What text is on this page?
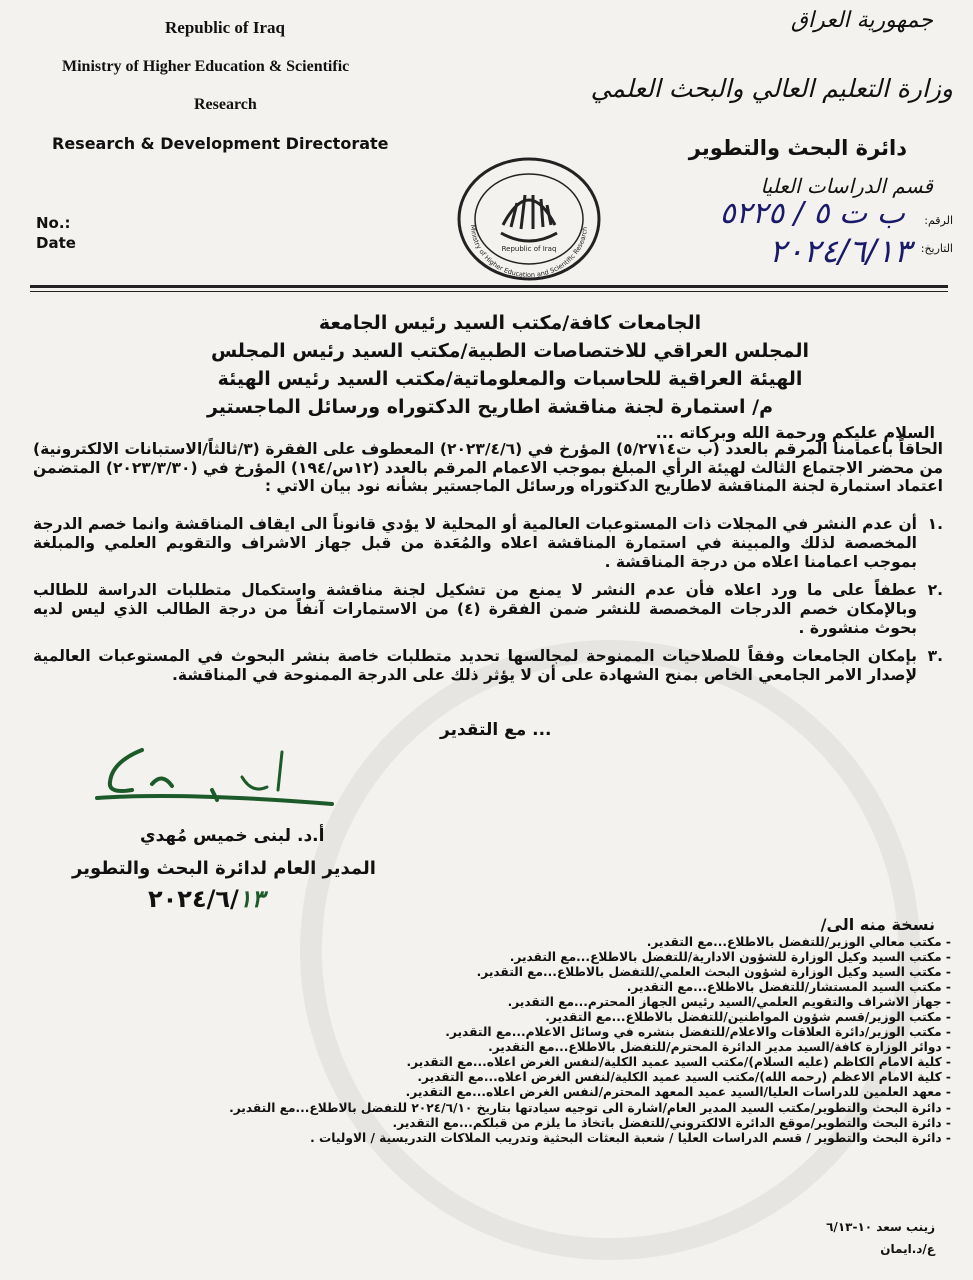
Republic of Iraq
Ministry of Higher Education & Scientific
Research
Research & Development Directorate
No.:
Date
جمهورية العراق
وزارة التعليم العالي والبحث العلمي
دائرة البحث والتطوير
قسم الدراسات العليا
الرقم:
التاريخ:
ب ت ٥ / ٥٢٢٥
٢٠٢٤/٦/١٣
Republic of Iraq
Ministry of Higher Education and Scientific Research
الجامعات كافة/مكتب السيد رئيس الجامعة
المجلس العراقي للاختصاصات الطبية/مكتب السيد رئيس المجلس
الهيئة العراقية للحاسبات والمعلوماتية/مكتب السيد رئيس الهيئة
م/ استمارة لجنة مناقشة اطاريح الدكتوراه ورسائل الماجستير
السلام عليكم ورحمة الله وبركاته ...
الحاقاً باعمامنا المرقم بالعدد (ب ت٥/٢٧١٤) المؤرخ في (٢٠٢٣/٤/٦) المعطوف على الفقرة (٣/ثالثاً/الاستبانات الالكترونية) من محضر الاجتماع الثالث لهيئة الرأي المبلغ بموجب الاعمام المرقم بالعدد (١٢س/١٩٤) المؤرخ في (٢٠٢٣/٣/٣٠) المتضمن اعتماد استمارة لجنة المناقشة لاطاريح الدكتوراه ورسائل الماجستير بشأنه نود بيان الاتي :
.١
أن عدم النشر في المجلات ذات المستوعبات العالمية أو المحلية لا يؤدي قانوناً الى ايقاف المناقشة وانما خصم الدرجة المخصصة لذلك والمبينة في استمارة المناقشة اعلاه والمُعَدة من قبل جهاز الاشراف والتقويم العلمي والمبلغة بموجب اعمامنا اعلاه من درجة المناقشة .
.٢
عطفاً على ما ورد اعلاه فأن عدم النشر لا يمنع من تشكيل لجنة مناقشة واستكمال متطلبات الدراسة للطالب وبالإمكان خصم الدرجات المخصصة للنشر ضمن الفقرة (٤) من الاستمارات آنفاً من درجة الطالب الذي ليس لديه بحوث منشورة .
.٣
بإمكان الجامعات وفقاً للصلاحيات الممنوحة لمجالسها تحديد متطلبات خاصة بنشر البحوث في المستوعبات العالمية لإصدار الامر الجامعي الخاص بمنح الشهادة على أن لا يؤثر ذلك على الدرجة الممنوحة في المناقشة.
... مع التقدير
أ.د. لبنى خميس مُهدي
المدير العام لدائرة البحث والتطوير
٢٠٢٤/٦/١٣
نسخة منه الى/
- مكتب معالي الوزير/للتفضل بالاطلاع...مع التقدير.
- مكتب السيد وكيل الوزارة للشؤون الادارية/للتفضل بالاطلاع...مع التقدير.
- مكتب السيد وكيل الوزارة لشؤون البحث العلمي/للتفضل بالاطلاع...مع التقدير.
- مكتب السيد المستشار/للتفضل بالاطلاع...مع التقدير.
- جهاز الاشراف والتقويم العلمي/السيد رئيس الجهاز المحترم...مع التقدير.
- مكتب الوزير/قسم شؤون المواطنين/للتفضل بالاطلاع...مع التقدير.
- مكتب الوزير/دائرة العلاقات والاعلام/للتفضل بنشره في وسائل الاعلام...مع التقدير.
- دوائر الوزارة كافة/السيد مدير الدائرة المحترم/للتفضل بالاطلاع...مع التقدير.
- كلية الامام الكاظم (عليه السلام)/مكتب السيد عميد الكلية/لنفس الغرض اعلاه...مع التقدير.
- كلية الامام الاعظم (رحمه الله)/مكتب السيد عميد الكلية/لنفس الغرض اعلاه...مع التقدير.
- معهد العلمين للدراسات العليا/السيد عميد المعهد المحترم/لنفس الغرض اعلاه...مع التقدير.
- دائرة البحث والتطوير/مكتب السيد المدير العام/اشارة الى توجيه سيادتها بتاريخ ٢٠٢٤/٦/١٠ للتفضل بالاطلاع...مع التقدير.
- دائرة البحث والتطوير/موقع الدائرة الالكتروني/للتفضل باتخاذ ما يلزم من قبلكم...مع التقدير.
- دائرة البحث والتطوير / قسم الدراسات العليا / شعبة البعثات البحثية وتدريب الملاكات التدريسية / الاوليات .
زينب سعد ١٠-٦/١٣
ع/د.ايمان
